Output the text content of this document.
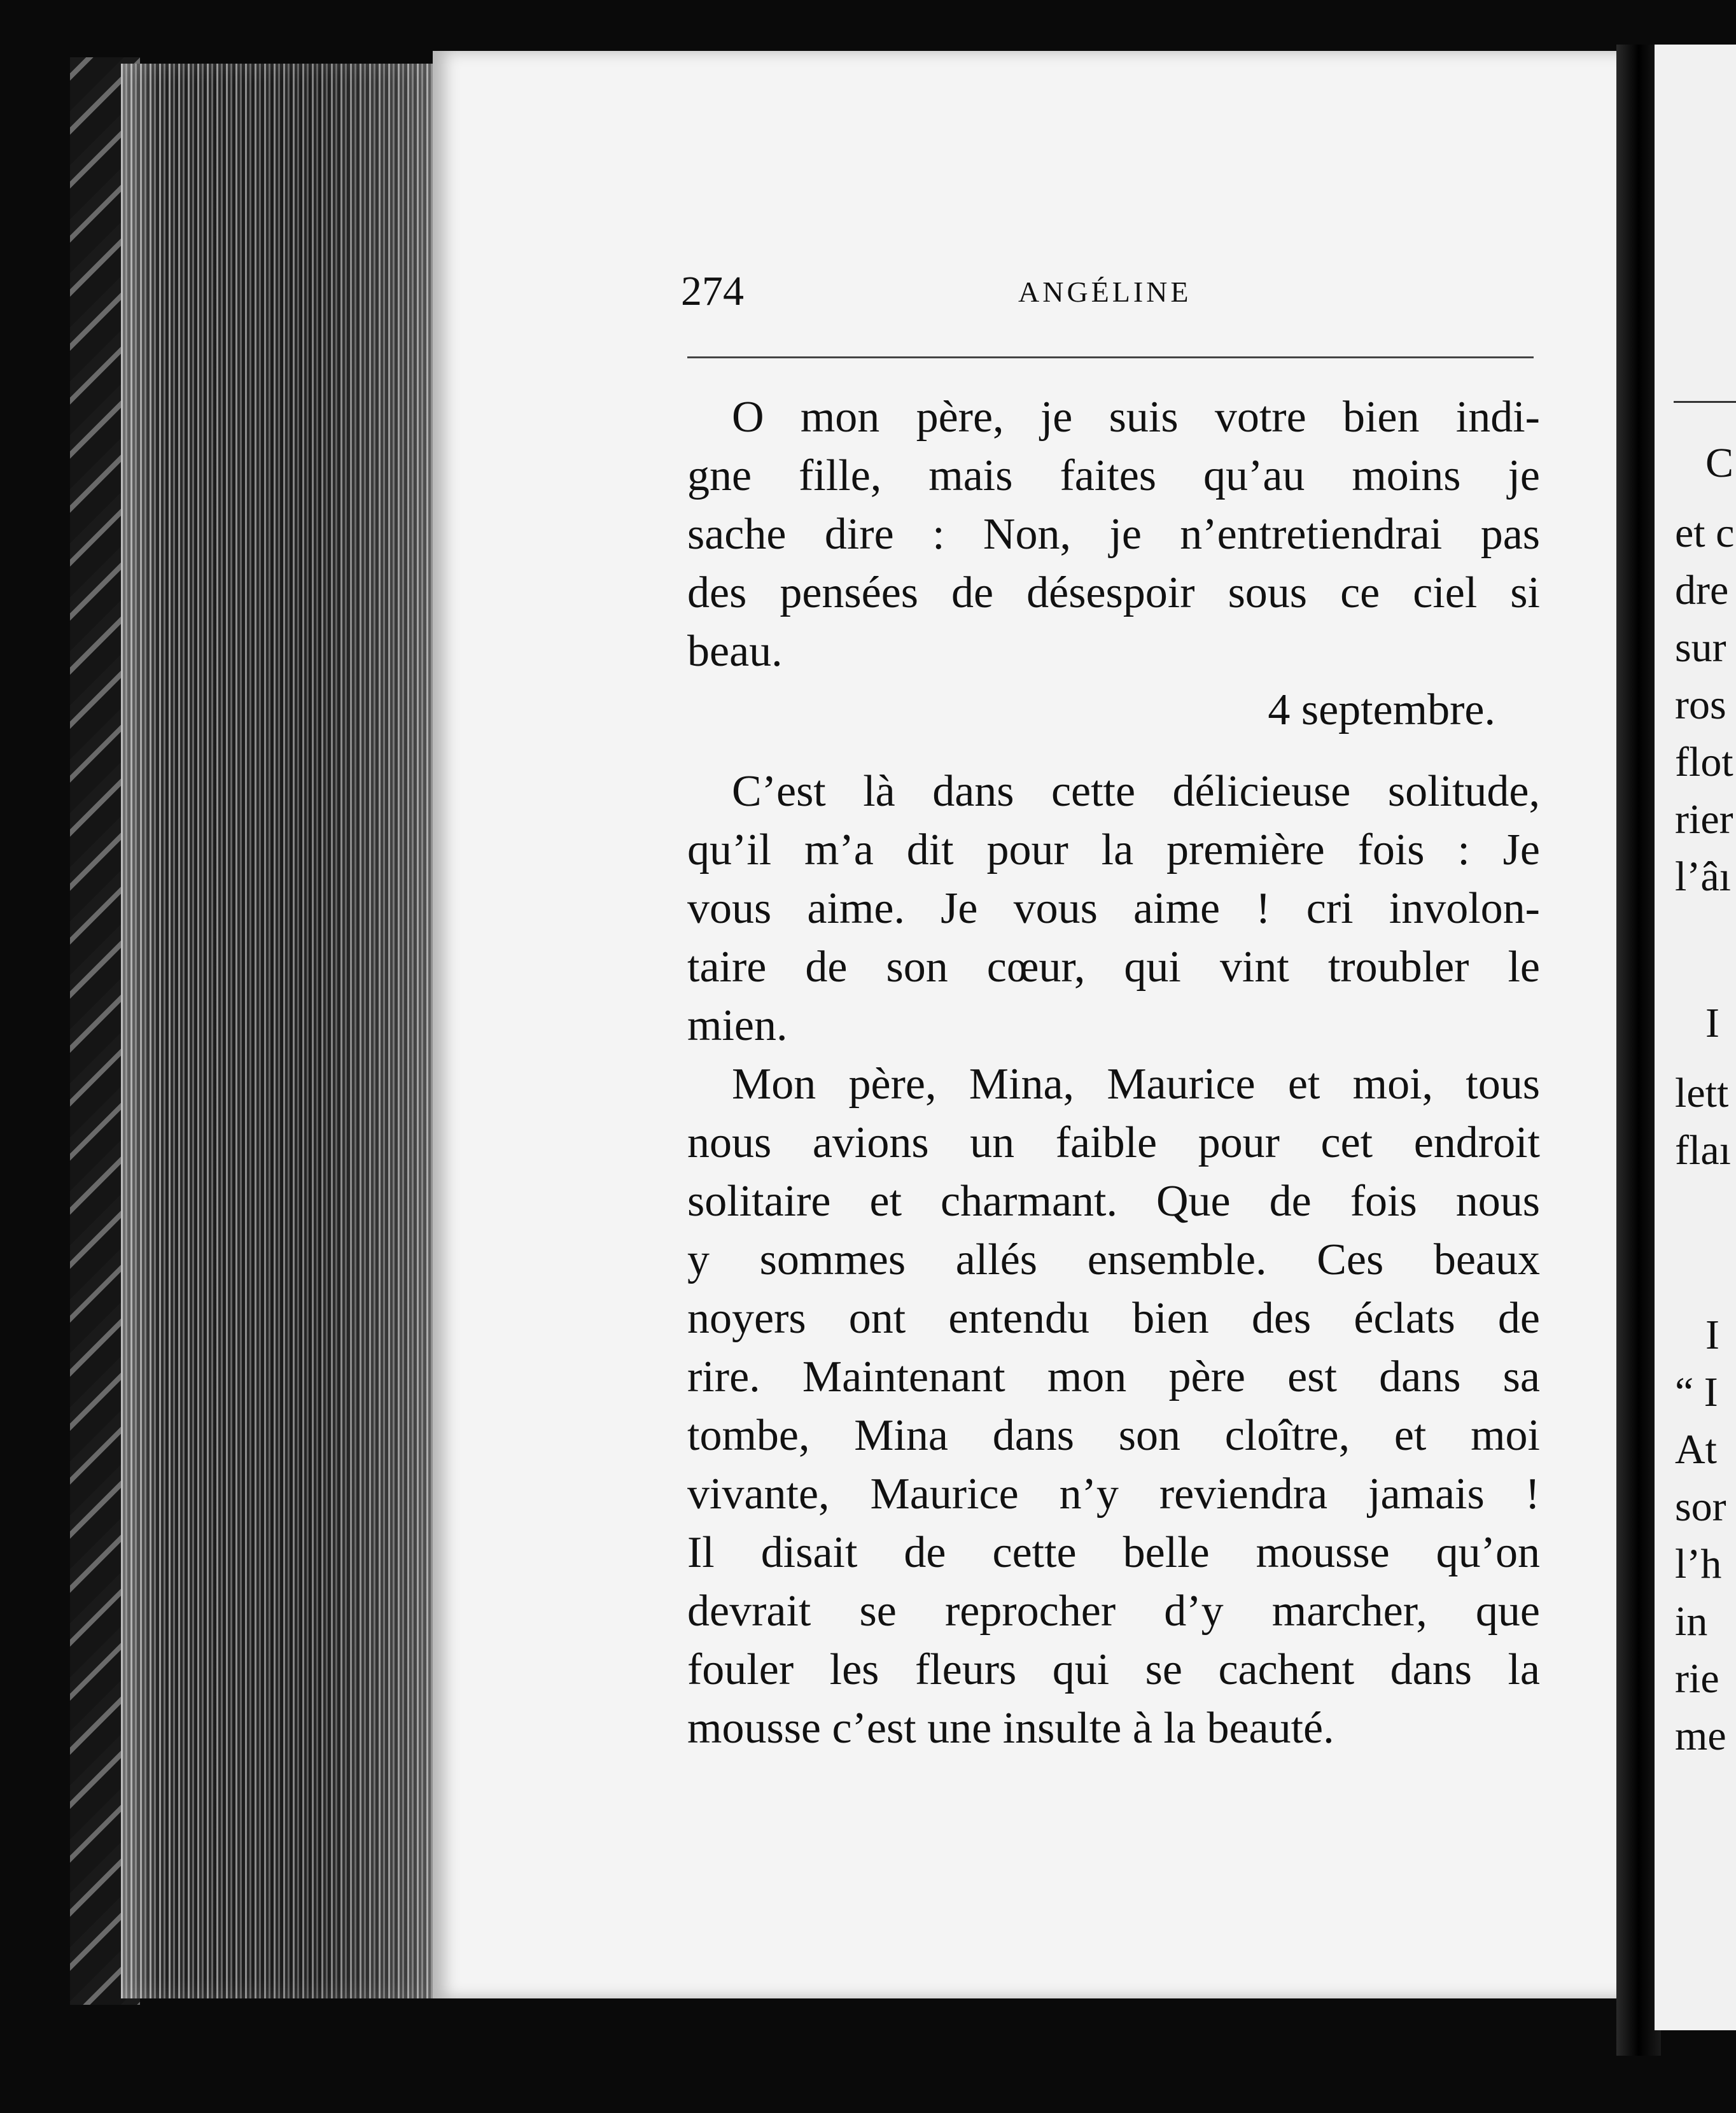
274	ANGÉLINE

O mon père, je suis votre bien indi-
gne fille, mais faites qu’au moins je
sache dire : Non, je n’entretiendrai pas
des pensées de désespoir sous ce ciel si
beau.

4 septembre.

C’est là dans cette délicieuse solitude,
qu’il m’a dit pour la première fois : Je
vous aime. Je vous aime ! cri involon-
taire de son cœur, qui vint troubler le
mien.

Mon père, Mina, Maurice et moi, tous
nous avions un faible pour cet endroit
solitaire et charmant. Que de fois nous
y sommes allés ensemble. Ces beaux
noyers ont entendu bien des éclats de
rire. Maintenant mon père est dans sa
tombe, Mina dans son cloître, et moi
vivante, Maurice n’y reviendra jamais !
Il disait de cette belle mousse qu’on
devrait se reprocher d’y marcher, que
fouler les fleurs qui se cachent dans la
mousse c’est une insulte à la beauté.

C
et c
dre
sur
ros
flot
rier
l’âı
I
lett
flaı
I
“ I
At
sor
l’h
in
rie
me
